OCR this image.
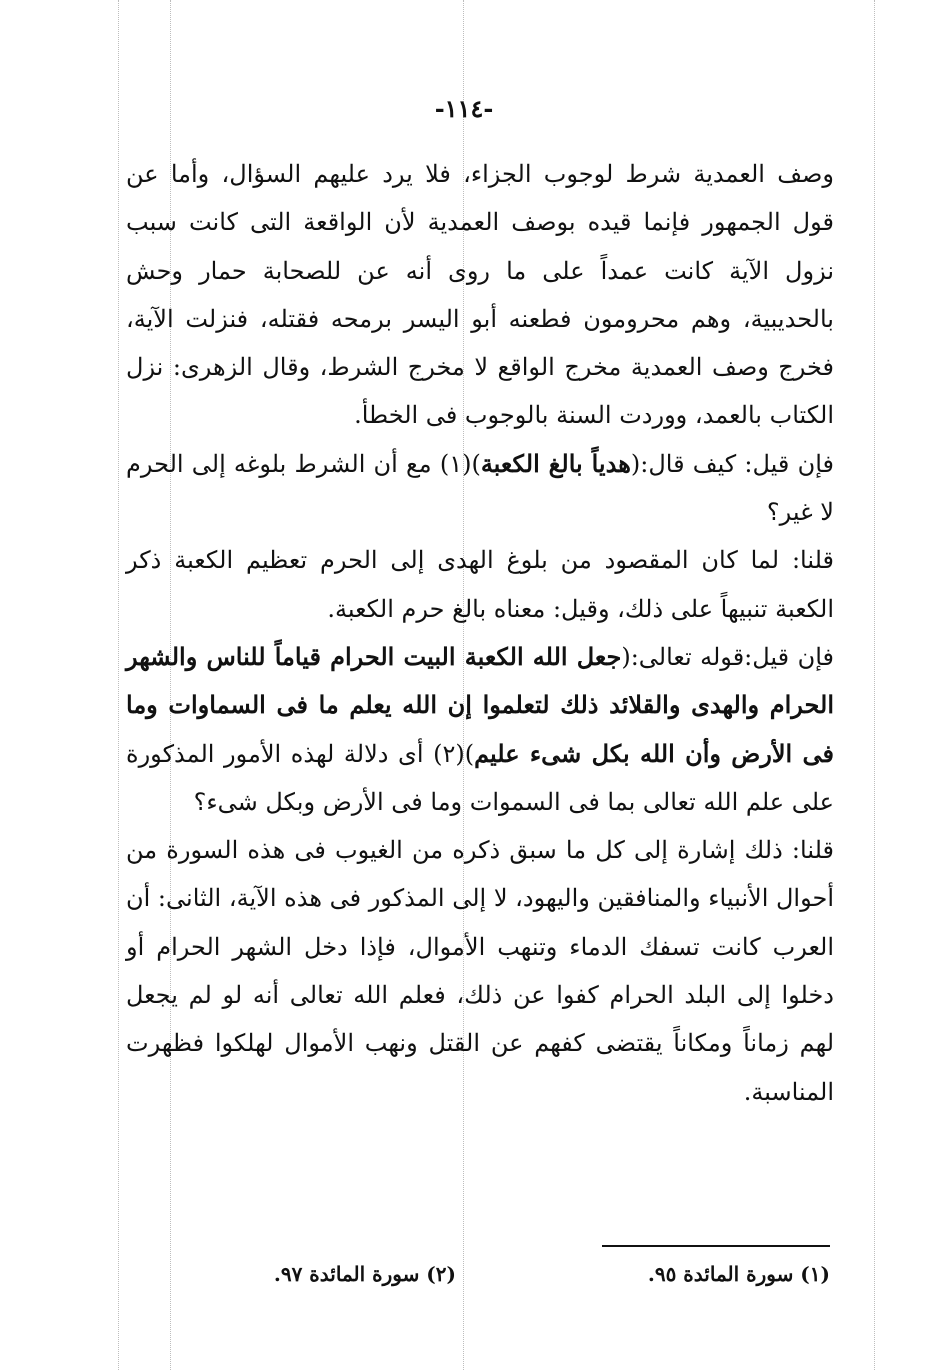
-١١٤-

وصف العمدية شرط لوجوب الجزاء، فلا يرد عليهم السؤال، وأما عن قول الجمهور فإنما قيده بوصف العمدية لأن الواقعة التى كانت سبب نزول الآية كانت عمداً على ما روى أنه عن للصحابة حمار وحش بالحديبية، وهم محرومون فطعنه أبو اليسر برمحه فقتله، فنزلت الآية، فخرج وصف العمدية مخرج الواقع لا مخرج الشرط، وقال الزهرى: نزل الكتاب بالعمد، ووردت السنة بالوجوب فى الخطأ.

فإن قيل: كيف قال:(هدياً بالغ الكعبة)(١) مع أن الشرط بلوغه إلى الحرم لا غير؟

قلنا: لما كان المقصود من بلوغ الهدى إلى الحرم تعظيم الكعبة ذكر الكعبة تنبيهاً على ذلك، وقيل: معناه بالغ حرم الكعبة.

فإن قيل:قوله تعالى:(جعل الله الكعبة البيت الحرام قياماً للناس والشهر الحرام والهدى والقلائد ذلك لتعلموا إن الله يعلم ما فى السماوات وما فى الأرض وأن الله بكل شىء عليم)(٢) أى دلالة لهذه الأمور المذكورة على علم الله تعالى بما فى السموات وما فى الأرض وبكل شىء؟

قلنا: ذلك إشارة إلى كل ما سبق ذكره من الغيوب فى هذه السورة من أحوال الأنبياء والمنافقين واليهود، لا إلى المذكور فى هذه الآية، الثانى: أن العرب كانت تسفك الدماء وتنهب الأموال، فإذا دخل الشهر الحرام أو دخلوا إلى البلد الحرام كفوا عن ذلك، فعلم الله تعالى أنه لو لم يجعل لهم زماناً ومكاناً يقتضى كفهم عن القتل ونهب الأموال لهلكوا فظهرت المناسبة.

(١) سورة المائدة ٩٥.
(٢) سورة المائدة ٩٧.
